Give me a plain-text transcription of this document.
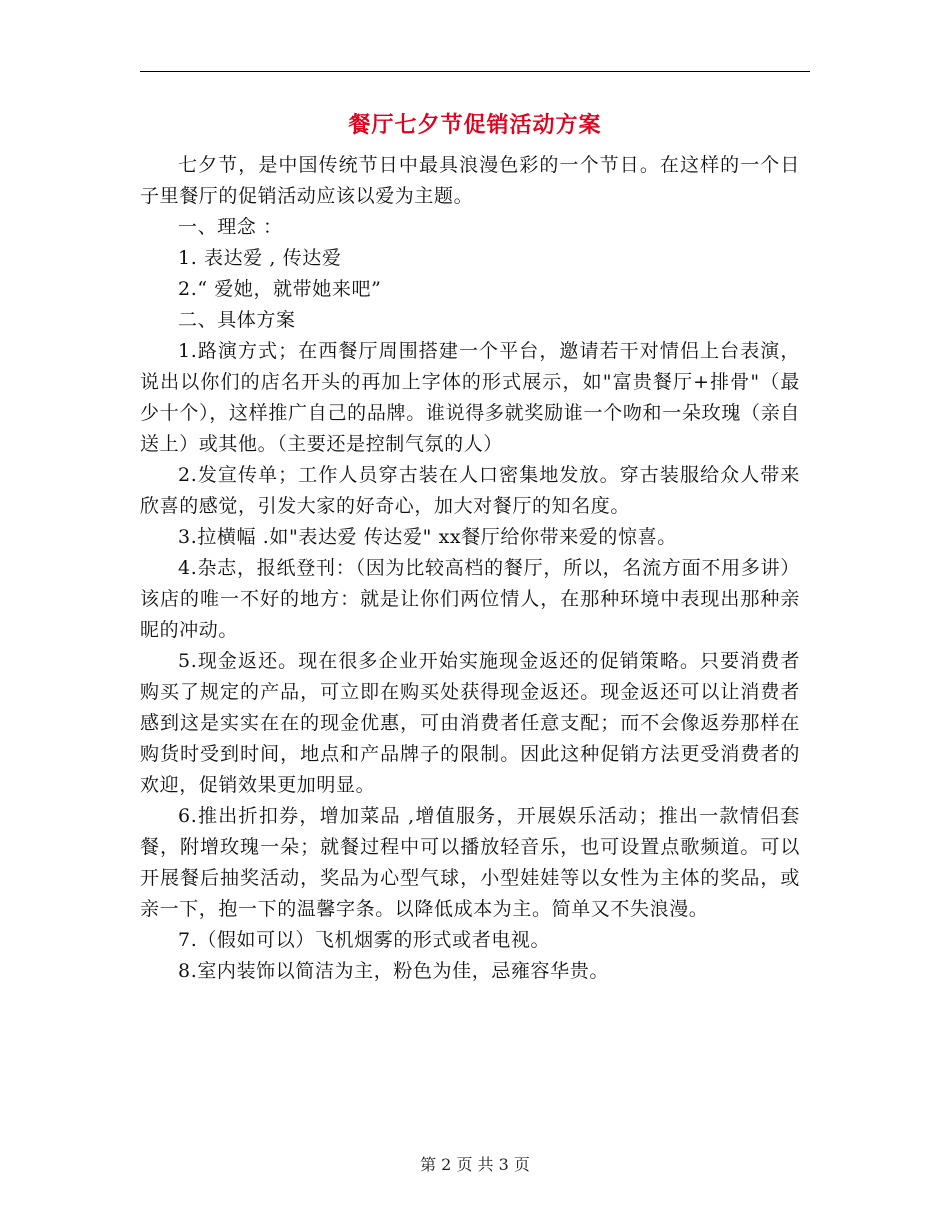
餐厅七夕节促销活动方案

七夕节，是中国传统节日中最具浪漫色彩的一个节日。在这样的一个日子里餐厅的促销活动应该以爱为主题。

一、理念 ：

1. 表达爱 , 传达爱

2.“ 爱她，就带她来吧”

二、具体方案

1.路演方式；在西餐厅周围搭建一个平台，邀请若干对情侣上台表演，说出以你们的店名开头的再加上字体的形式展示，如"富贵餐厅+排骨"（最少十个），这样推广自己的品牌。谁说得多就奖励谁一个吻和一朵玫瑰（亲自送上）或其他。（主要还是控制气氛的人）

2.发宣传单；工作人员穿古装在人口密集地发放。穿古装服给众人带来欣喜的感觉，引发大家的好奇心，加大对餐厅的知名度。

3.拉横幅 .如"表达爱 传达爱" xx餐厅给你带来爱的惊喜。

4.杂志，报纸登刊：（因为比较高档的餐厅，所以，名流方面不用多讲）该店的唯一不好的地方：就是让你们两位情人，在那种环境中表现出那种亲昵的冲动。

5.现金返还。现在很多企业开始实施现金返还的促销策略。只要消费者购买了规定的产品，可立即在购买处获得现金返还。现金返还可以让消费者感到这是实实在在的现金优惠，可由消费者任意支配；而不会像返券那样在购货时受到时间，地点和产品牌子的限制。因此这种促销方法更受消费者的欢迎，促销效果更加明显。

6.推出折扣券，增加菜品 ,增值服务，开展娱乐活动；推出一款情侣套餐，附增玫瑰一朵；就餐过程中可以播放轻音乐，也可设置点歌频道。可以开展餐后抽奖活动，奖品为心型气球，小型娃娃等以女性为主体的奖品，或亲一下，抱一下的温馨字条。以降低成本为主。简单又不失浪漫。

7.（假如可以）飞机烟雾的形式或者电视。

8.室内装饰以简洁为主，粉色为佳，忌雍容华贵。

第 2 页 共 3 页
